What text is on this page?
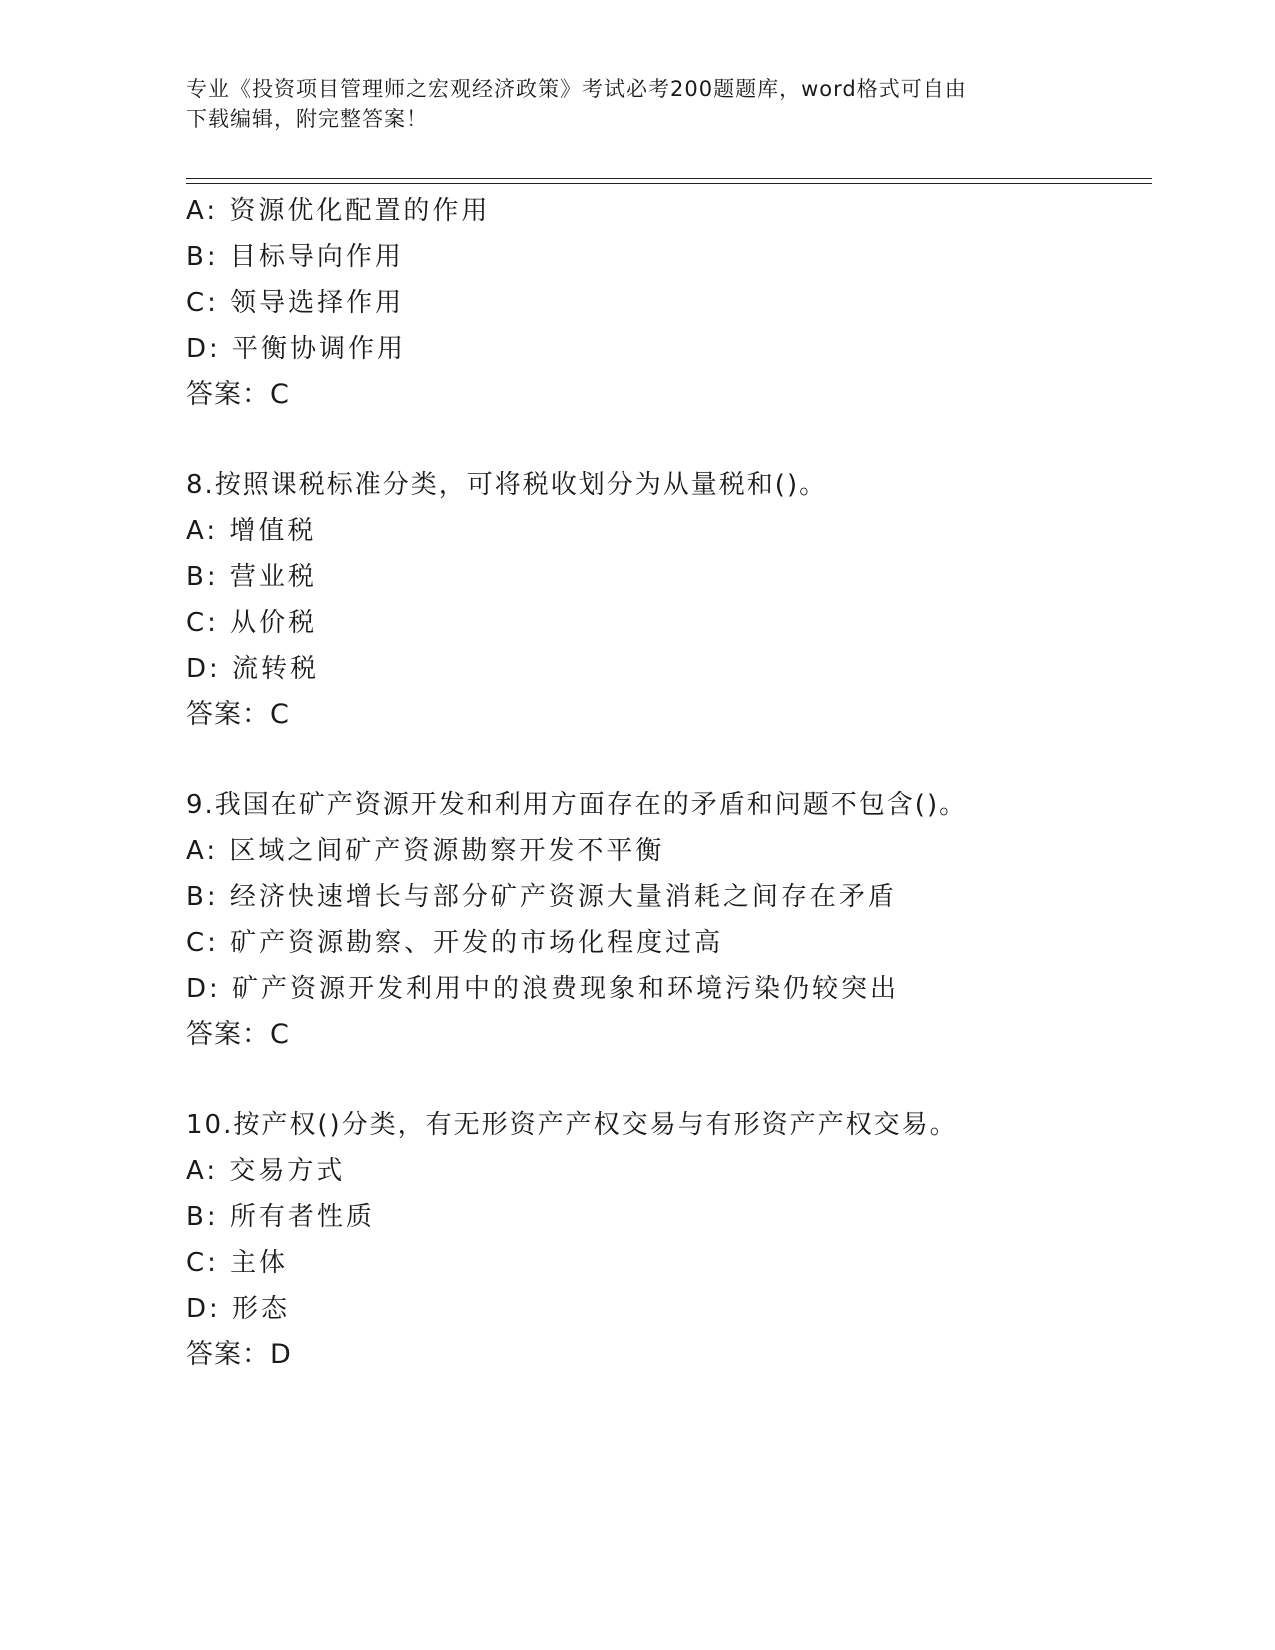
专业《投资项目管理师之宏观经济政策》考试必考200题题库，word格式可自由
下载编辑，附完整答案！
A: 资源优化配置的作用
B: 目标导向作用
C: 领导选择作用
D: 平衡协调作用
答案：C
8.按照课税标准分类，可将税收划分为从量税和()。
A: 增值税
B: 营业税
C: 从价税
D: 流转税
答案：C
9.我国在矿产资源开发和利用方面存在的矛盾和问题不包含()。
A: 区域之间矿产资源勘察开发不平衡
B: 经济快速增长与部分矿产资源大量消耗之间存在矛盾
C: 矿产资源勘察、开发的市场化程度过高
D: 矿产资源开发利用中的浪费现象和环境污染仍较突出
答案：C
10.按产权()分类，有无形资产产权交易与有形资产产权交易。
A: 交易方式
B: 所有者性质
C: 主体
D: 形态
答案：D
